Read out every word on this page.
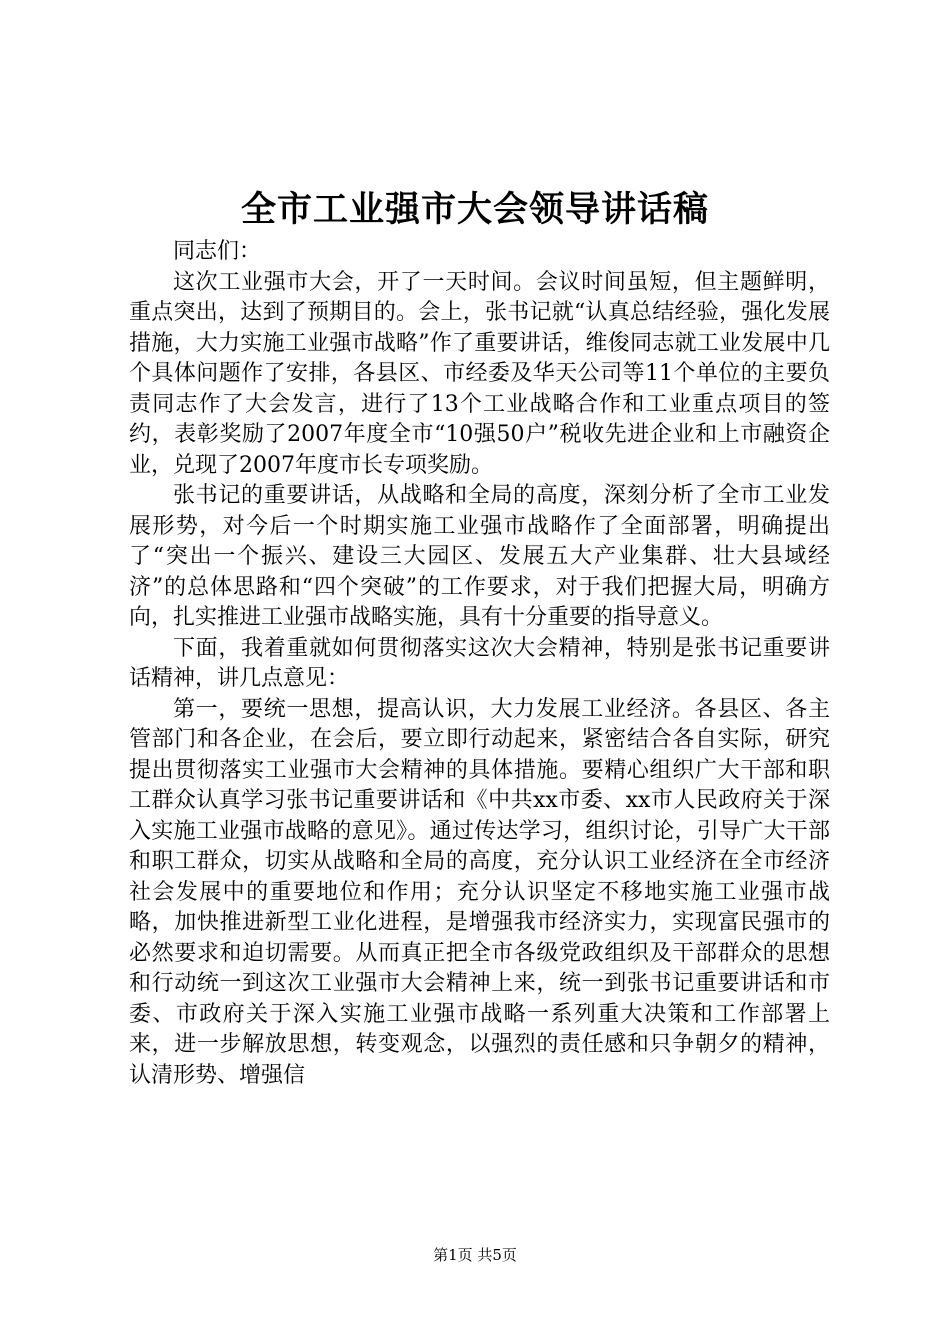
全市工业强市大会领导讲话稿

同志们：

这次工业强市大会，开了一天时间。会议时间虽短，但主题鲜明，重点突出，达到了预期目的。会上，张书记就“认真总结经验，强化发展措施，大力实施工业强市战略”作了重要讲话，维俊同志就工业发展中几个具体问题作了安排，各县区、市经委及华天公司等11个单位的主要负责同志作了大会发言，进行了13个工业战略合作和工业重点项目的签约，表彰奖励了2007年度全市“10强50户”税收先进企业和上市融资企业，兑现了2007年度市长专项奖励。

张书记的重要讲话，从战略和全局的高度，深刻分析了全市工业发展形势，对今后一个时期实施工业强市战略作了全面部署，明确提出了“突出一个振兴、建设三大园区、发展五大产业集群、壮大县域经济”的总体思路和“四个突破”的工作要求，对于我们把握大局，明确方向，扎实推进工业强市战略实施，具有十分重要的指导意义。

下面，我着重就如何贯彻落实这次大会精神，特别是张书记重要讲话精神，讲几点意见：

第一，要统一思想，提高认识，大力发展工业经济。各县区、各主管部门和各企业，在会后，要立即行动起来，紧密结合各自实际，研究提出贯彻落实工业强市大会精神的具体措施。要精心组织广大干部和职工群众认真学习张书记重要讲话和《中共xx市委、xx市人民政府关于深入实施工业强市战略的意见》。通过传达学习，组织讨论，引导广大干部和职工群众，切实从战略和全局的高度，充分认识工业经济在全市经济社会发展中的重要地位和作用；充分认识坚定不移地实施工业强市战略，加快推进新型工业化进程，是增强我市经济实力，实现富民强市的必然要求和迫切需要。从而真正把全市各级党政组织及干部群众的思想和行动统一到这次工业强市大会精神上来，统一到张书记重要讲话和市委、市政府关于深入实施工业强市战略一系列重大决策和工作部署上来，进一步解放思想，转变观念，以强烈的责任感和只争朝夕的精神，认清形势、增强信

第1页 共5页
